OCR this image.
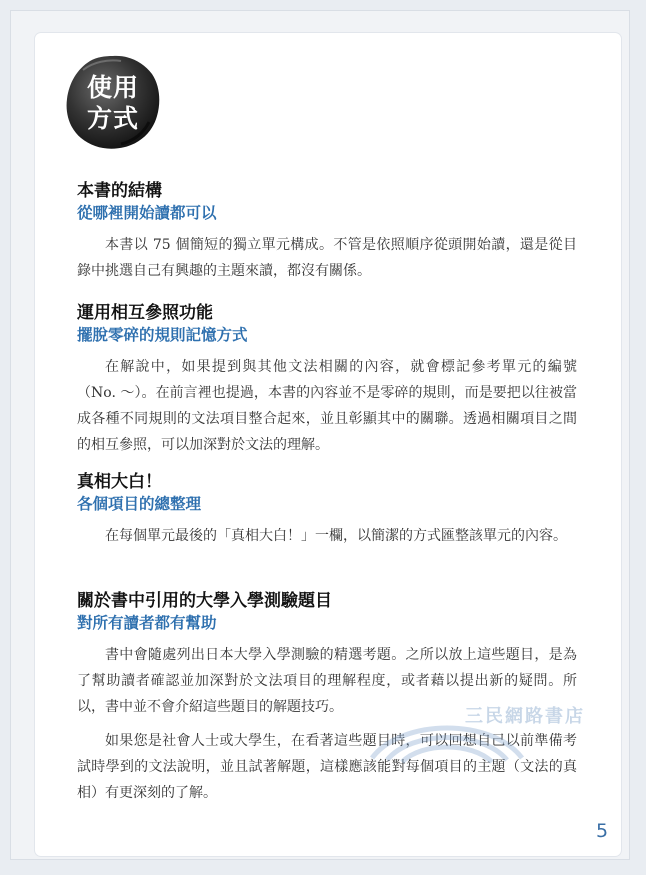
使用
方式

本書的結構

從哪裡開始讀都可以

本書以 75 個簡短的獨立單元構成。不管是依照順序從頭開始讀，還是從目錄中挑選自己有興趣的主題來讀，都沒有關係。

運用相互參照功能

擺脫零碎的規則記憶方式

在解說中，如果提到與其他文法相關的內容，就會標記參考單元的編號（No. ～）。在前言裡也提過，本書的內容並不是零碎的規則，而是要把以往被當成各種不同規則的文法項目整合起來，並且彰顯其中的關聯。透過相關項目之間的相互參照，可以加深對於文法的理解。

真相大白！

各個項目的總整理

在每個單元最後的「真相大白！」一欄，以簡潔的方式匯整該單元的內容。

關於書中引用的大學入學測驗題目

對所有讀者都有幫助

書中會隨處列出日本大學入學測驗的精選考題。之所以放上這些題目，是為了幫助讀者確認並加深對於文法項目的理解程度，或者藉以提出新的疑問。所以，書中並不會介紹這些題目的解題技巧。

如果您是社會人士或大學生，在看著這些題目時，可以回想自己以前準備考試時學到的文法說明，並且試著解題，這樣應該能對每個項目的主題（文法的真相）有更深刻的了解。

三民網路書店
5
